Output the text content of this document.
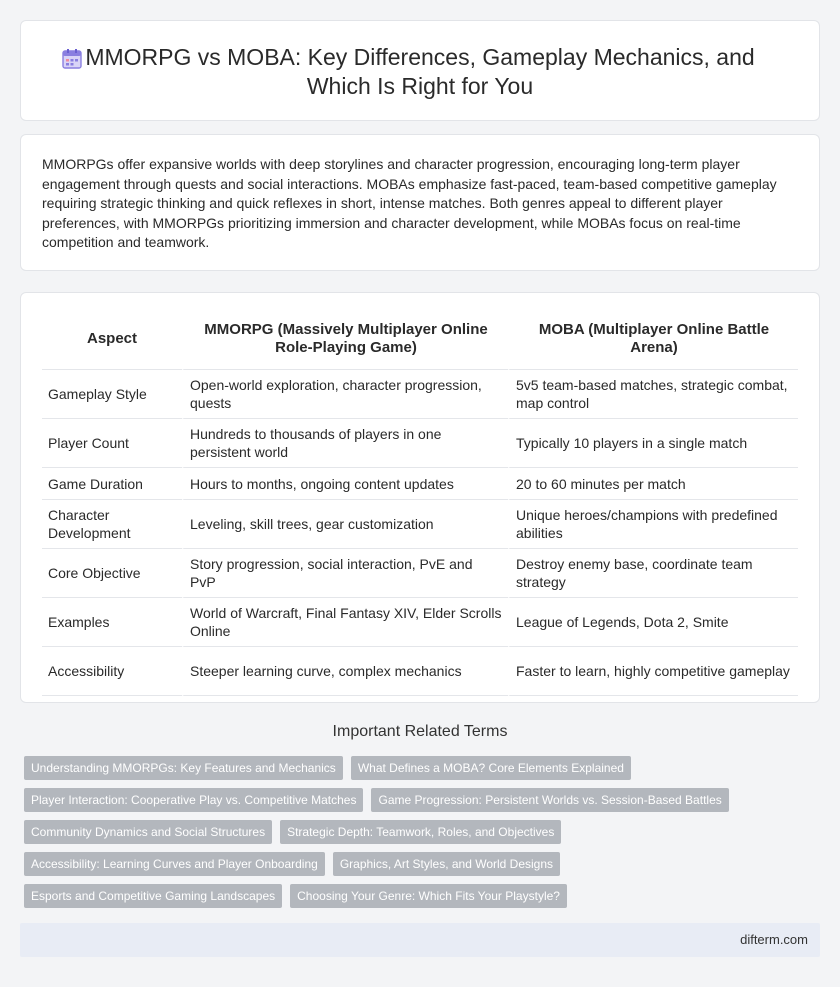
MMORPG vs MOBA: Key Differences, Gameplay Mechanics, and
Which Is Right for You

MMORPGs offer expansive worlds with deep storylines and character progression, encouraging long-term player engagement through quests and social interactions. MOBAs emphasize fast-paced, team-based competitive gameplay requiring strategic thinking and quick reflexes in short, intense matches. Both genres appeal to different player preferences, with MMORPGs prioritizing immersion and character development, while MOBAs focus on real-time competition and teamwork.

Aspect	MMORPG (Massively Multiplayer Online Role-Playing Game)	MOBA (Multiplayer Online Battle Arena)
Gameplay Style	Open-world exploration, character progression, quests	5v5 team-based matches, strategic combat, map control
Player Count	Hundreds to thousands of players in one persistent world	Typically 10 players in a single match
Game Duration	Hours to months, ongoing content updates	20 to 60 minutes per match
Character Development	Leveling, skill trees, gear customization	Unique heroes/champions with predefined abilities
Core Objective	Story progression, social interaction, PvE and PvP	Destroy enemy base, coordinate team strategy
Examples	World of Warcraft, Final Fantasy XIV, Elder Scrolls Online	League of Legends, Dota 2, Smite
Accessibility	Steeper learning curve, complex mechanics	Faster to learn, highly competitive gameplay
Important Related Terms
Understanding MMORPGs: Key Features and Mechanics	What Defines a MOBA? Core Elements Explained
Player Interaction: Cooperative Play vs. Competitive Matches	Game Progression: Persistent Worlds vs. Session-Based Battles
Community Dynamics and Social Structures	Strategic Depth: Teamwork, Roles, and Objectives
Accessibility: Learning Curves and Player Onboarding	Graphics, Art Styles, and World Designs
Esports and Competitive Gaming Landscapes	Choosing Your Genre: Which Fits Your Playstyle?
difterm.com
